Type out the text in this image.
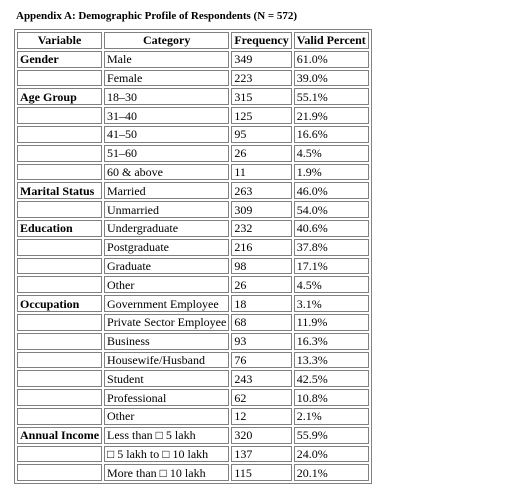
Appendix A: Demographic Profile of Respondents (N = 572)
Variable	Category	Frequency	Valid Percent
Gender	Male	349	61.0%
	Female	223	39.0%
Age Group	18–30	315	55.1%
	31–40	125	21.9%
	41–50	95	16.6%
	51–60	26	4.5%
	60 & above	11	1.9%
Marital Status	Married	263	46.0%
	Unmarried	309	54.0%
Education	Undergraduate	232	40.6%
	Postgraduate	216	37.8%
	Graduate	98	17.1%
	Other	26	4.5%
Occupation	Government Employee	18	3.1%
	Private Sector Employee	68	11.9%
	Business	93	16.3%
	Housewife/Husband	76	13.3%
	Student	243	42.5%
	Professional	62	10.8%
	Other	12	2.1%
Annual Income	Less than □ 5 lakh	320	55.9%
	□ 5 lakh to □ 10 lakh	137	24.0%
	More than □ 10 lakh	115	20.1%
